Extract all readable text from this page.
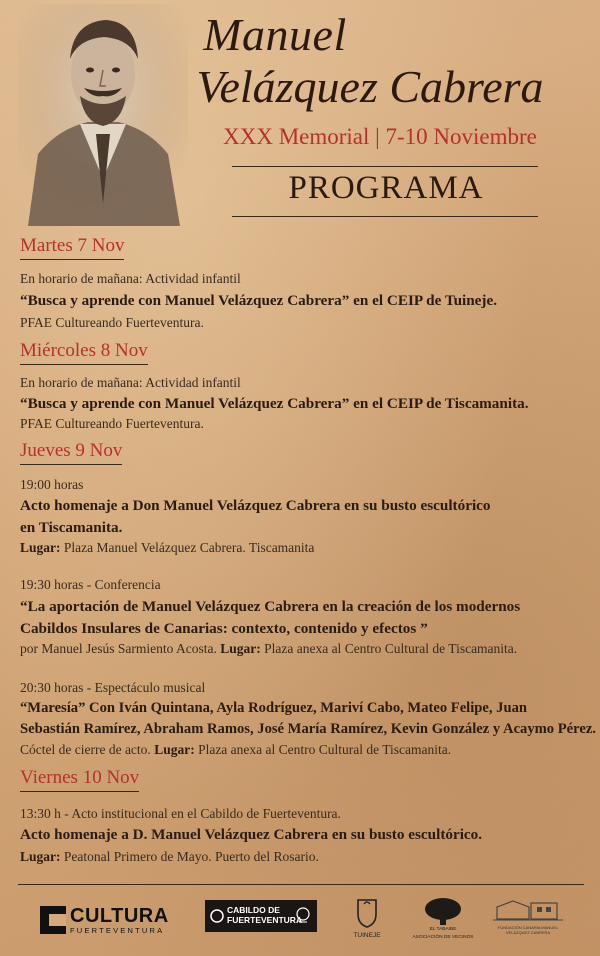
Manuel
Velázquez Cabrera
XXX Memorial | 7-10 Noviembre
PROGRAMA
Martes 7 Nov
En horario de mañana: Actividad infantil
“Busca y aprende con Manuel Velázquez Cabrera” en el CEIP de Tuineje.
PFAE Cultureando Fuerteventura.
Miércoles 8 Nov
En horario de mañana: Actividad infantil
“Busca y aprende con Manuel Velázquez Cabrera” en el CEIP de Tiscamanita.
PFAE Cultureando Fuerteventura.
Jueves 9 Nov
19:00 horas
Acto homenaje a Don Manuel Velázquez Cabrera en su busto escultórico
en Tiscamanita.
Lugar: Plaza Manuel Velázquez Cabrera. Tiscamanita
19:30 horas - Conferencia
“La aportación de Manuel Velázquez Cabrera en la creación de los modernos
Cabildos Insulares de Canarias: contexto, contenido y efectos ”
por Manuel Jesús Sarmiento Acosta. Lugar: Plaza anexa al Centro Cultural de Tiscamanita.
20:30 horas - Espectáculo musical
“Maresía” Con Iván Quintana, Ayla Rodríguez, Mariví Cabo, Mateo Felipe, Juan
Sebastián Ramírez, Abraham Ramos, José María Ramírez, Kevin González y Acaymo Pérez.
Cóctel de cierre de acto. Lugar: Plaza anexa al Centro Cultural de Tiscamanita.
Viernes 10 Nov
13:30 h - Acto institucional en el Cabildo de Fuerteventura.
Acto homenaje a D. Manuel Velázquez Cabrera en su busto escultórico.
Lugar: Peatonal Primero de Mayo. Puerto del Rosario.
CULTURA
FUERTEVENTURA
CABILDO DE
FUERTEVENTURA
TUINEJE
EL TABAIBE
ASOCIACIÓN DE VECINOS
FUNDACIÓN CANARIA MANUEL VELÁZQUEZ CABRERA
